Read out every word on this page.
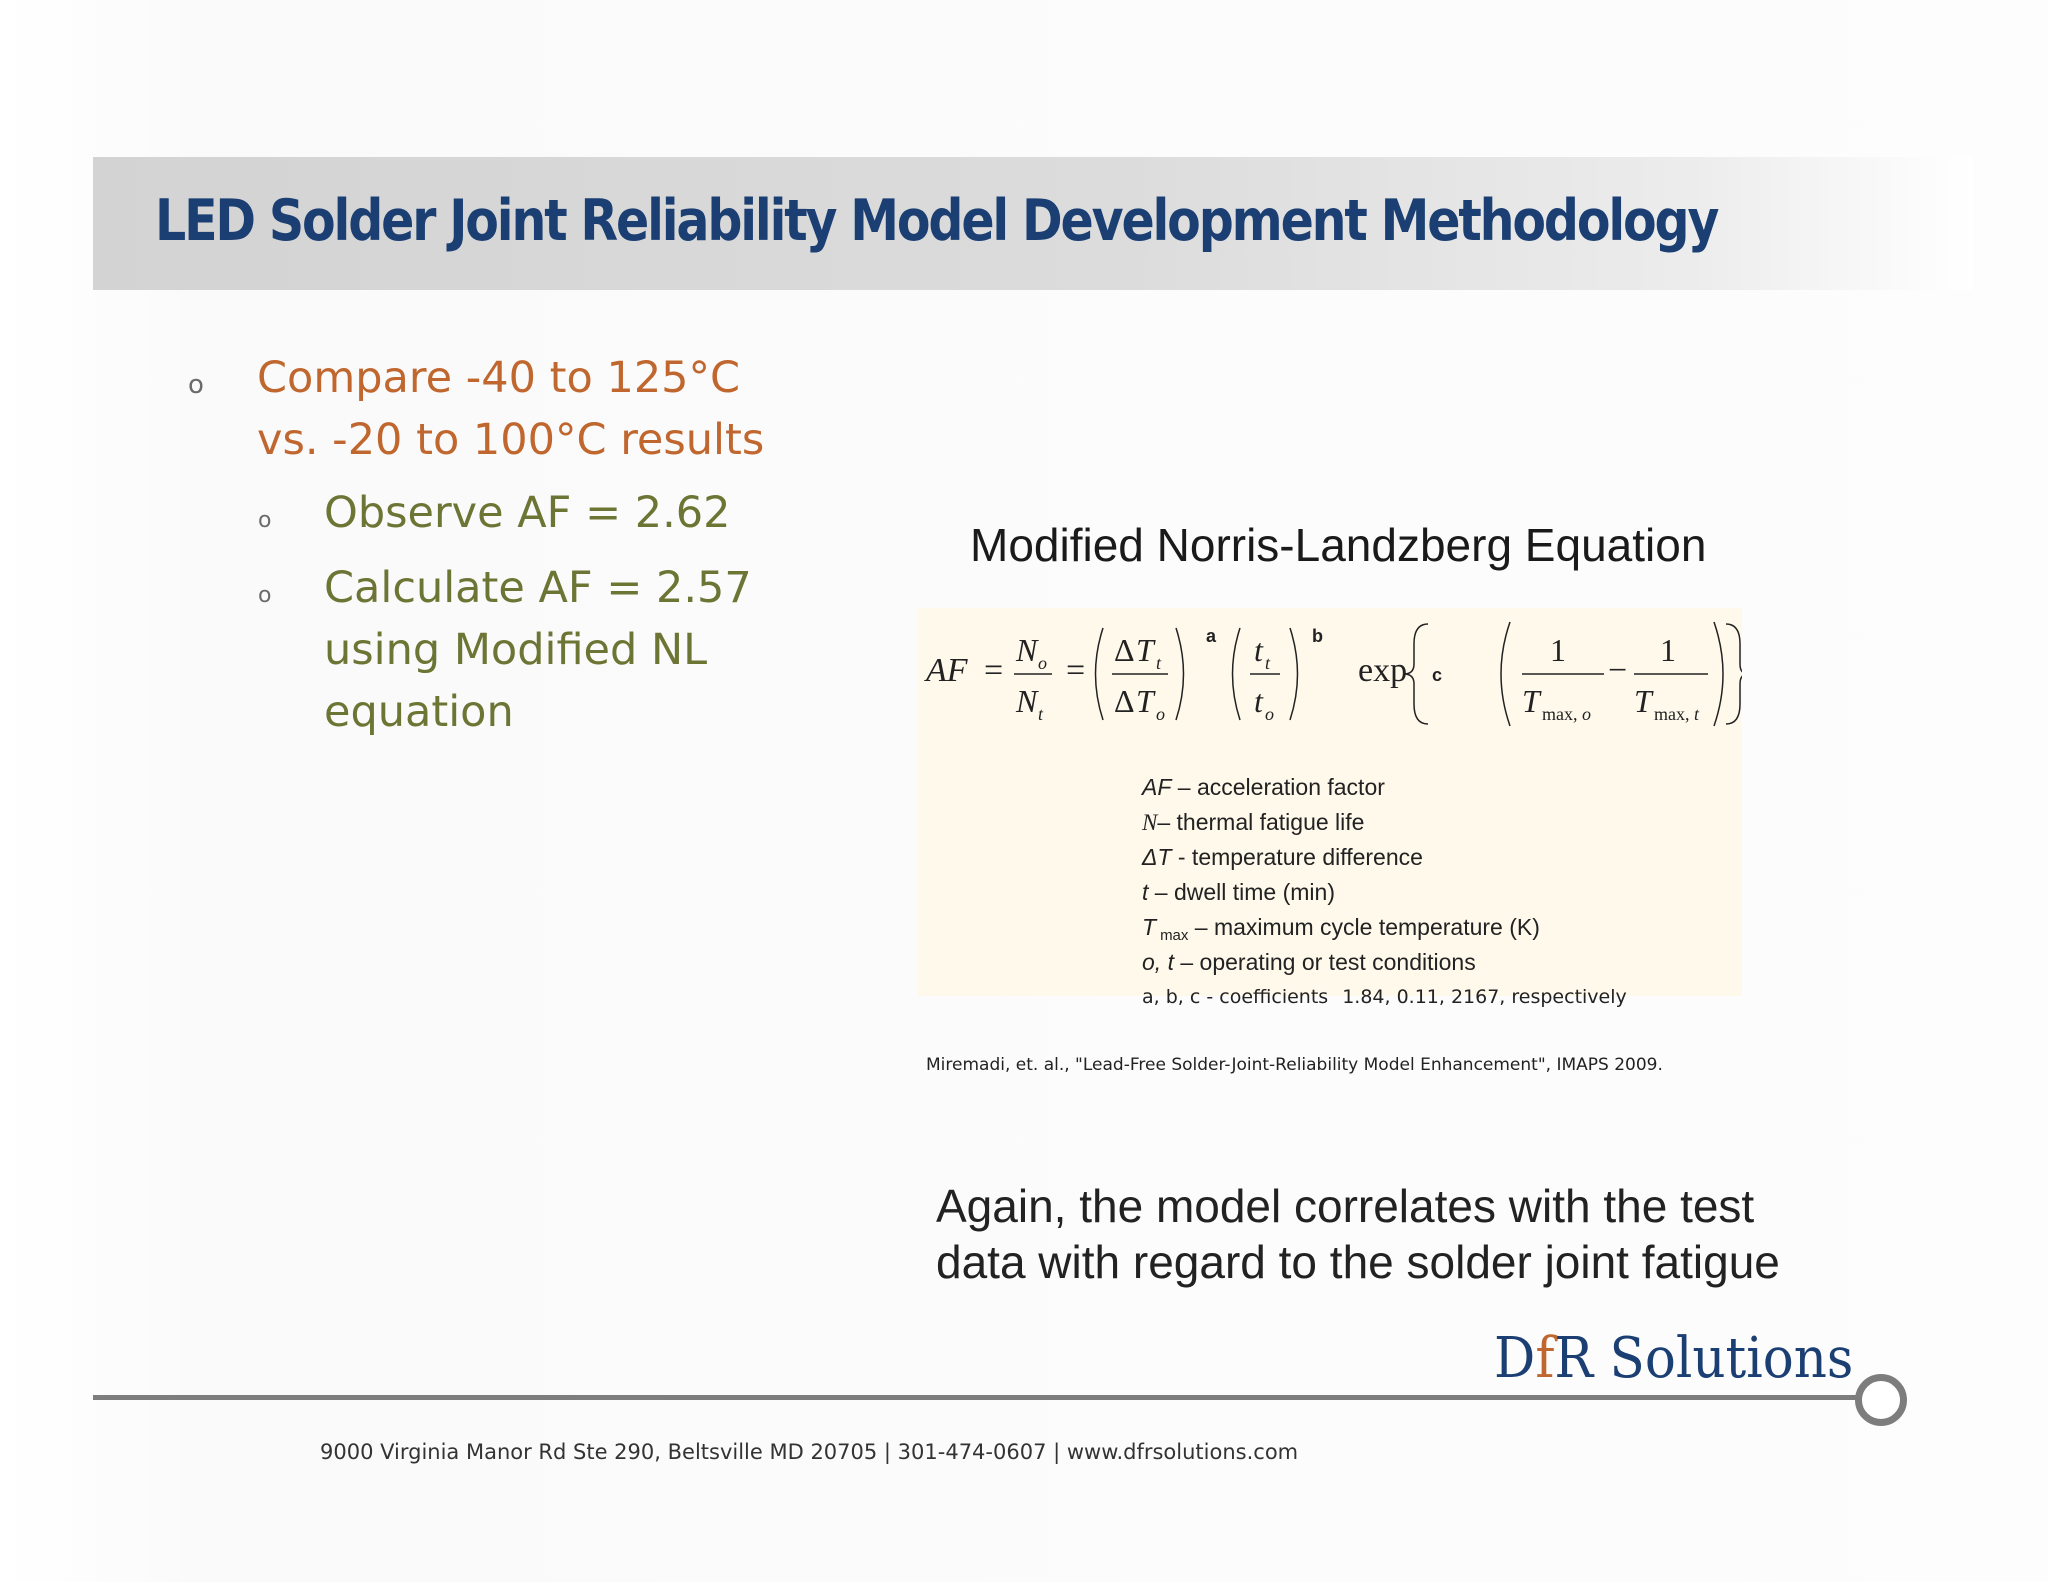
LED Solder Joint Reliability Model Development Methodology
o Compare -40 to 125°C
vs. -20 to 100°C results
o Observe AF = 2.62
o Calculate AF = 2.57
using Modified NL
equation
Modified Norris-Landzberg Equation
AF =
N o
N t
=
Δ T t
Δ T o
a t t
t o
b
exp c
1
T max, o
−
1
T max, t
AF – acceleration factor
N– thermal fatigue life
ΔT - temperature difference
t – dwell time (min)
T $_{max}$ – maximum cycle temperature (K)
o, t – operating or test conditions
a, b, c - coefficients 1.84, 0.11, 2167, respectively
Miremadi, et. al., "Lead-Free Solder-Joint-Reliability Model Enhancement", IMAPS 2009.
Again, the model correlates with the test
data with regard to the solder joint fatigue
DfR Solutions
9000 Virginia Manor Rd Ste 290, Beltsville MD 20705 | 301-474-0607 | www.dfrsolutions.com
